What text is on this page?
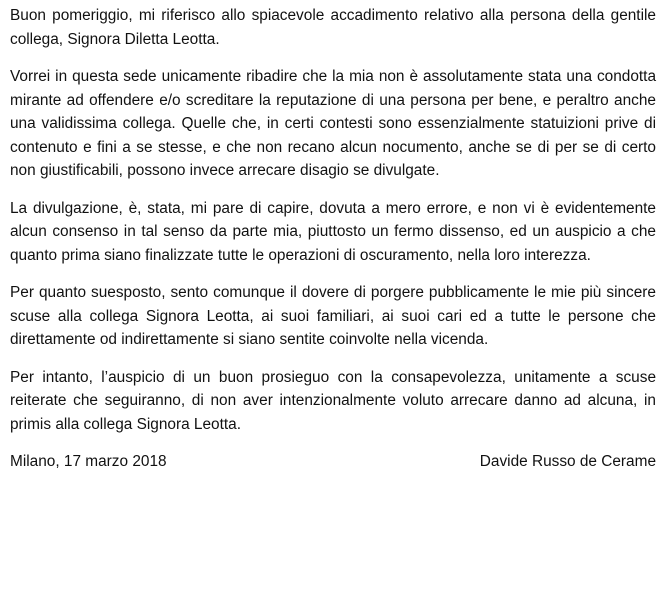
Buon pomeriggio, mi riferisco allo spiacevole accadimento relativo alla persona della gentile collega, Signora Diletta Leotta.

Vorrei in questa sede unicamente ribadire che la mia non è assolutamente stata una condotta mirante ad offendere e/o screditare la reputazione di una persona per bene, e peraltro anche una validissima collega. Quelle che, in certi contesti sono essenzialmente statuizioni prive di contenuto e fini a se stesse, e che non recano alcun nocumento, anche se di per se di certo non giustificabili, possono invece arrecare disagio se divulgate.

La divulgazione, è, stata, mi pare di capire, dovuta a mero errore, e non vi è evidentemente alcun consenso in tal senso da parte mia, piuttosto un fermo dissenso, ed un auspicio a che quanto prima siano finalizzate tutte le operazioni di oscuramento, nella loro interezza.

Per quanto suesposto, sento comunque il dovere di porgere pubblicamente le mie più sincere scuse alla collega Signora Leotta, ai suoi familiari, ai suoi cari ed a tutte le persone che direttamente od indirettamente si siano sentite coinvolte nella vicenda.

Per intanto, l’auspicio di un buon prosieguo con la consapevolezza, unitamente a scuse reiterate che seguiranno, di non aver intenzionalmente voluto arrecare danno ad alcuna, in primis alla collega Signora Leotta.

Milano, 17 marzo 2018	Davide Russo de Cerame
